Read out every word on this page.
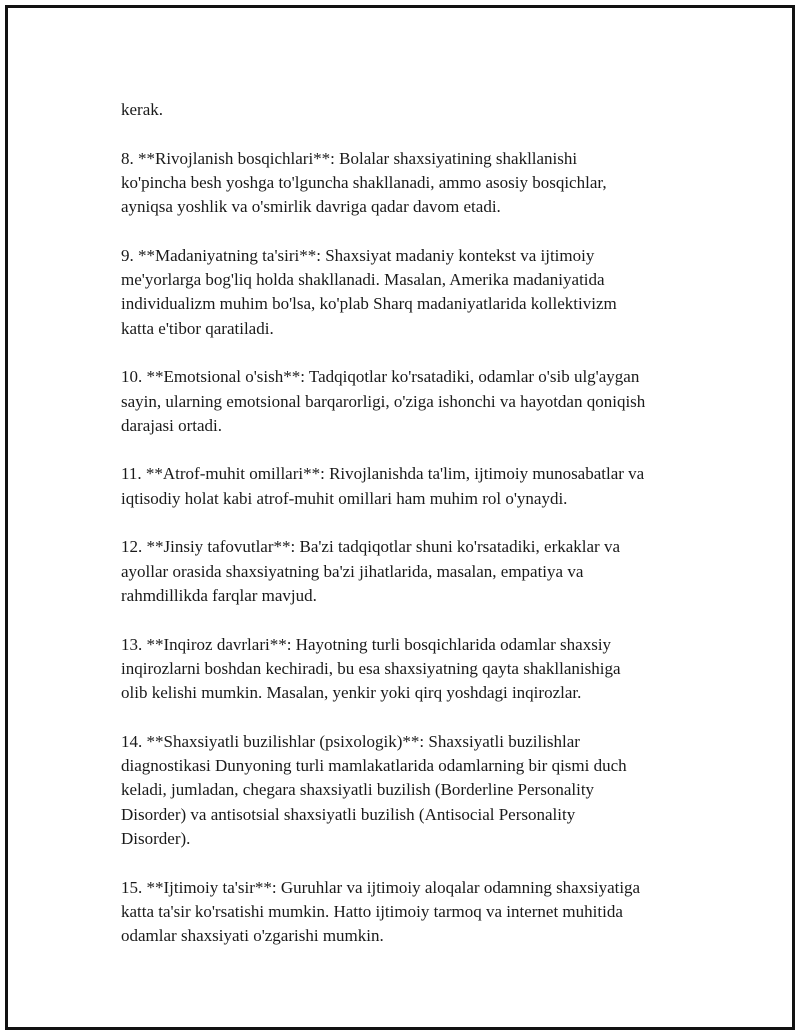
kerak.

8. **Rivojlanish bosqichlari**: Bolalar shaxsiyatining shakllanishi
ko'pincha besh yoshga to'lguncha shakllanadi, ammo asosiy bosqichlar,
ayniqsa yoshlik va o'smirlik davriga qadar davom etadi.

9. **Madaniyatning ta'siri**: Shaxsiyat madaniy kontekst va ijtimoiy
me'yorlarga bog'liq holda shakllanadi. Masalan, Amerika madaniyatida
individualizm muhim bo'lsa, ko'plab Sharq madaniyatlarida kollektivizm
katta e'tibor qaratiladi.

10. **Emotsional o'sish**: Tadqiqotlar ko'rsatadiki, odamlar o'sib ulg'aygan
sayin, ularning emotsional barqarorligi, o'ziga ishonchi va hayotdan qoniqish
darajasi ortadi.

11. **Atrof-muhit omillari**: Rivojlanishda ta'lim, ijtimoiy munosabatlar va
iqtisodiy holat kabi atrof-muhit omillari ham muhim rol o'ynaydi.

12. **Jinsiy tafovutlar**: Ba'zi tadqiqotlar shuni ko'rsatadiki, erkaklar va
ayollar orasida shaxsiyatning ba'zi jihatlarida, masalan, empatiya va
rahmdillikda farqlar mavjud.

13. **Inqiroz davrlari**: Hayotning turli bosqichlarida odamlar shaxsiy
inqirozlarni boshdan kechiradi, bu esa shaxsiyatning qayta shakllanishiga
olib kelishi mumkin. Masalan, yenkir yoki qirq yoshdagi inqirozlar.

14. **Shaxsiyatli buzilishlar (psixologik)**: Shaxsiyatli buzilishlar
diagnostikasi Dunyoning turli mamlakatlarida odamlarning bir qismi duch
keladi, jumladan, chegara shaxsiyatli buzilish (Borderline Personality
Disorder) va antisotsial shaxsiyatli buzilish (Antisocial Personality
Disorder).

15. **Ijtimoiy ta'sir**: Guruhlar va ijtimoiy aloqalar odamning shaxsiyatiga
katta ta'sir ko'rsatishi mumkin. Hatto ijtimoiy tarmoq va internet muhitida
odamlar shaxsiyati o'zgarishi mumkin.
